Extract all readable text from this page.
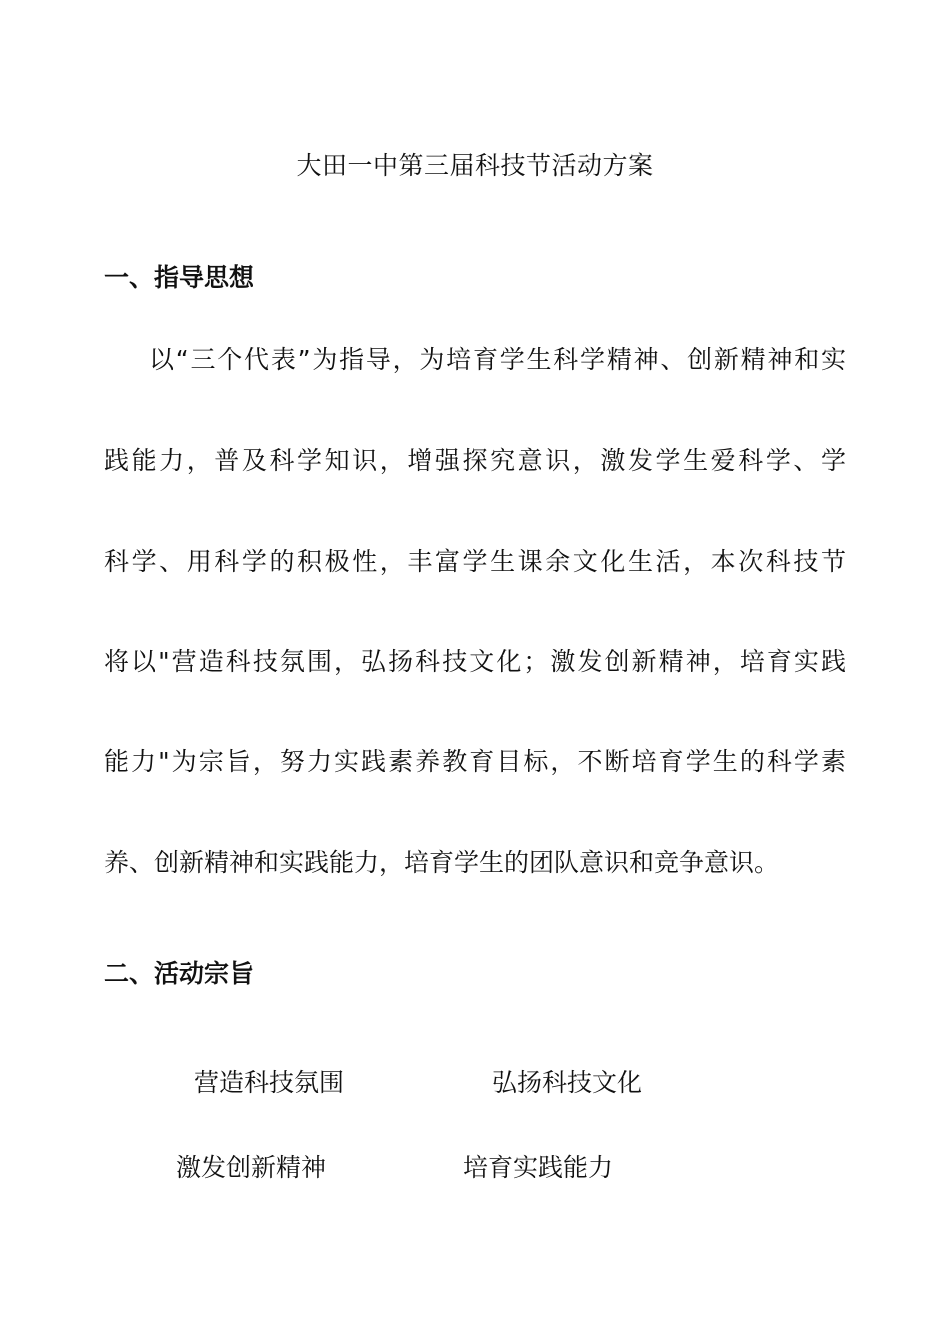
大田一中第三届科技节活动方案
一、指导思想
以“三个代表”为指导，为培育学生科学精神、创新精神和实
践能力，普及科学知识，增强探究意识，激发学生爱科学、学
科学、用科学的积极性，丰富学生课余文化生活，本次科技节
将以"营造科技氛围，弘扬科技文化；激发创新精神，培育实践
能力"为宗旨，努力实践素养教育目标，不断培育学生的科学素
养、创新精神和实践能力，培育学生的团队意识和竞争意识。
二、活动宗旨
营造科技氛围	弘扬科技文化
激发创新精神	培育实践能力
